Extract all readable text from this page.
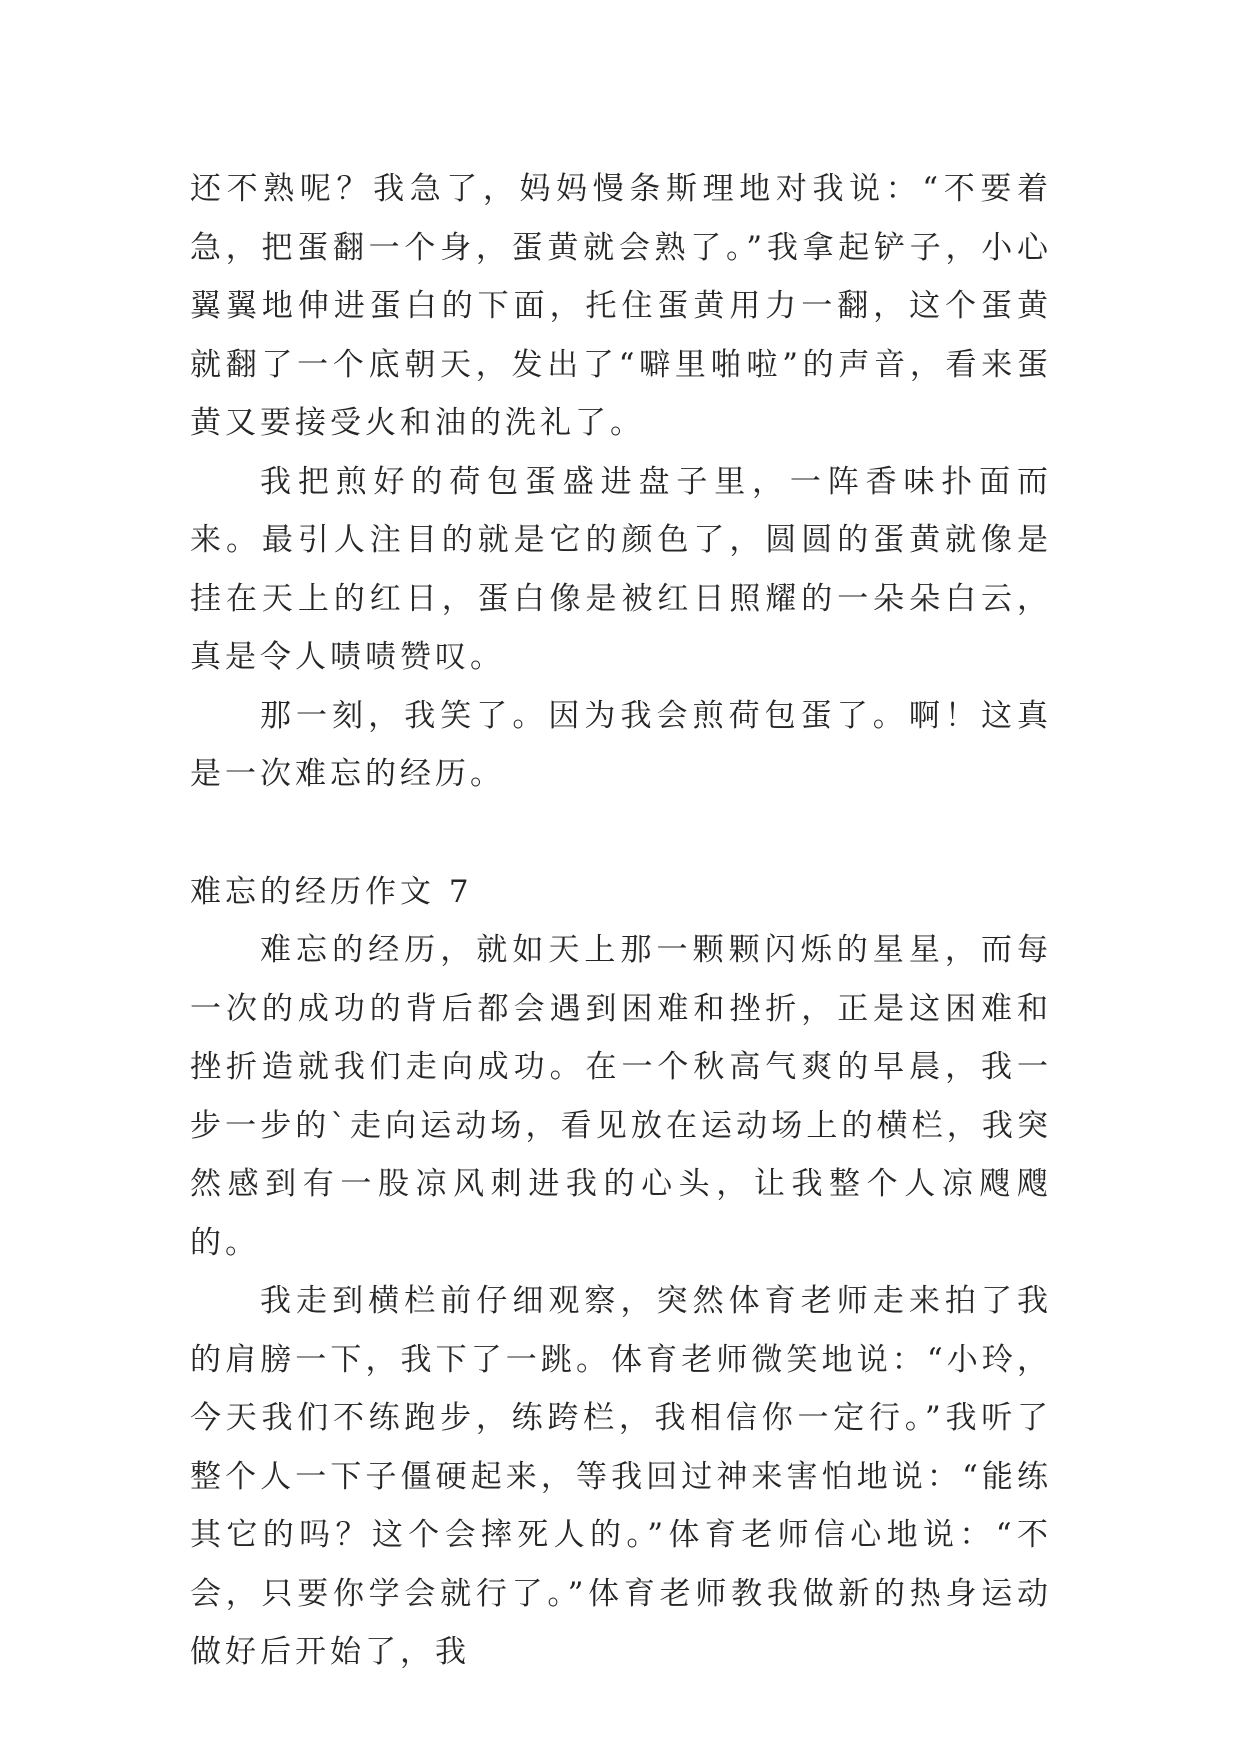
还不熟呢？我急了，妈妈慢条斯理地对我说：“不要着急，把蛋翻一个身，蛋黄就会熟了。”我拿起铲子，小心翼翼地伸进蛋白的下面，托住蛋黄用力一翻，这个蛋黄就翻了一个底朝天，发出了“噼里啪啦”的声音，看来蛋黄又要接受火和油的洗礼了。

我把煎好的荷包蛋盛进盘子里，一阵香味扑面而来。最引人注目的就是它的颜色了，圆圆的蛋黄就像是挂在天上的红日，蛋白像是被红日照耀的一朵朵白云，真是令人啧啧赞叹。

那一刻，我笑了。因为我会煎荷包蛋了。啊！这真是一次难忘的经历。

难忘的经历作文 7

难忘的经历，就如天上那一颗颗闪烁的星星，而每一次的成功的背后都会遇到困难和挫折，正是这困难和挫折造就我们走向成功。在一个秋高气爽的早晨，我一步一步的`走向运动场，看见放在运动场上的横栏，我突然感到有一股凉风刺进我的心头，让我整个人凉飕飕的。

我走到横栏前仔细观察，突然体育老师走来拍了我的肩膀一下，我下了一跳。体育老师微笑地说：“小玲，今天我们不练跑步，练跨栏，我相信你一定行。”我听了整个人一下子僵硬起来，等我回过神来害怕地说：“能练其它的吗？这个会摔死人的。”体育老师信心地说：“不会，只要你学会就行了。”体育老师教我做新的热身运动做好后开始了，我
